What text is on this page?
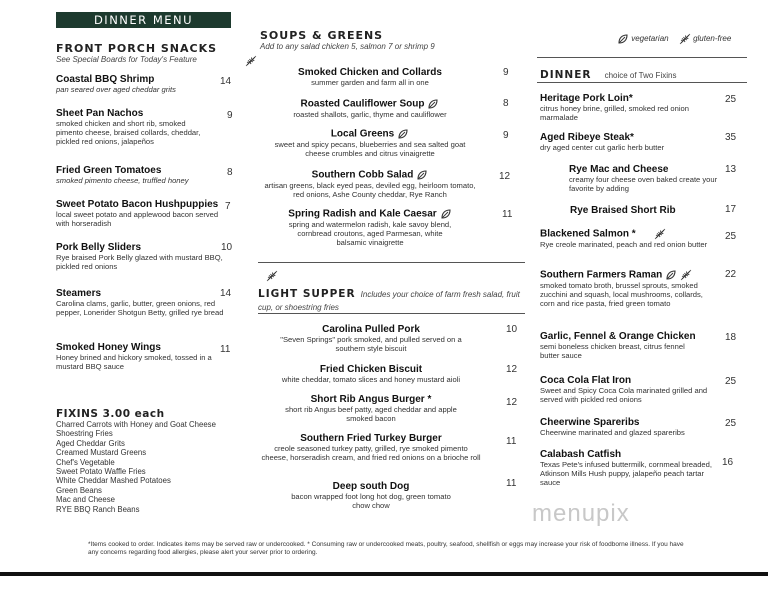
DINNER MENU
vegetarian	gluten-free
FRONT PORCH SNACKS
See Special Boards for Today's Feature
Coastal BBQ Shrimp
pan seared over aged cheddar grits
14
Sheet Pan Nachos
smoked chicken and short rib, smoked pimento cheese, braised collards, cheddar, pickled red onions, jalapeños
9
Fried Green Tomatoes
smoked pimento cheese, truffled honey
8
Sweet Potato Bacon Hushpuppies
local sweet potato and applewood bacon served with horseradish
7
Pork Belly Sliders
Rye braised Pork Belly glazed with mustard BBQ, pickled red onions
10
Steamers
Carolina clams, garlic, butter, green onions, red pepper, Lonerider Shotgun Betty, grilled rye bread
14
Smoked Honey Wings
Honey brined and hickory smoked, tossed in a mustard BBQ sauce
11
FIXINS 3.00 each
Charred Carrots with Honey and Goat Cheese
Shoestring Fries
Aged Cheddar Grits
Creamed Mustard Greens
Chef's Vegetable
Sweet Potato Waffle Fries
White Cheddar Mashed Potatoes
Green Beans
Mac and Cheese
RYE BBQ Ranch Beans
SOUPS & GREENS
Add to any salad chicken 5, salmon 7 or shrimp 9
Smoked Chicken and Collards
summer garden and farm all in one
9
Roasted Cauliflower Soup
roasted shallots, garlic, thyme and cauliflower
8
Local Greens
sweet and spicy pecans, blueberries and sea salted goat cheese crumbles and citrus vinaigrette
9
Southern Cobb Salad
artisan greens, black eyed peas, deviled egg, heirloom tomato, red onions, Ashe County cheddar, Rye Ranch
12
Spring Radish and Kale Caesar
spring and watermelon radish, kale savoy blend, cornbread croutons, aged Parmesan, white balsamic vinaigrette
11
LIGHT SUPPER Includes your choice of farm fresh salad, fruit cup, or shoestring fries
Carolina Pulled Pork
"Seven Springs" pork smoked, and pulled served on a southern style biscuit
10
Fried Chicken Biscuit
white cheddar, tomato slices and honey mustard aioli
12
Short Rib Angus Burger *
short rib Angus beef patty, aged cheddar and apple smoked bacon
12
Southern Fried Turkey Burger
creole seasoned turkey patty, grilled, rye smoked pimento cheese, horseradish cream, and fried red onions on a brioche roll
11
Deep south Dog
bacon wrapped foot long hot dog, green tomato chow chow
11
DINNER choice of Two Fixins
Heritage Pork Loin*
citrus honey brine, grilled, smoked red onion marmalade
25
Aged Ribeye Steak*
dry aged center cut garlic herb butter
35
Rye Mac and Cheese
creamy four cheese oven baked create your favorite by adding
13
Rye Braised Short Rib	17
Blackened Salmon *
Rye creole marinated, peach and red onion butter
25
Southern Farmers Raman
smoked tomato broth, brussel sprouts, smoked zucchini and squash, local mushrooms, collards, corn and rice pasta, fried green tomato
22
Garlic, Fennel & Orange Chicken
semi boneless chicken breast, citrus fennel butter sauce
18
Coca Cola Flat Iron
Sweet and Spicy Coca Cola marinated grilled and served with pickled red onions
25
Cheerwine Spareribs
Cheerwine marinated and glazed spareribs
25
Calabash Catfish
Texas Pete's infused buttermilk, cornmeal breaded, Atkinson Mills Hush puppy, jalapeño peach tartar sauce
16
menupix
*Items cooked to order. Indicates items may be served raw or undercooked. * Consuming raw or undercooked meats, poultry, seafood, shellfish or eggs may increase your risk of foodborne illness. If you have any concerns regarding food allergies, please alert your server prior to ordering.
